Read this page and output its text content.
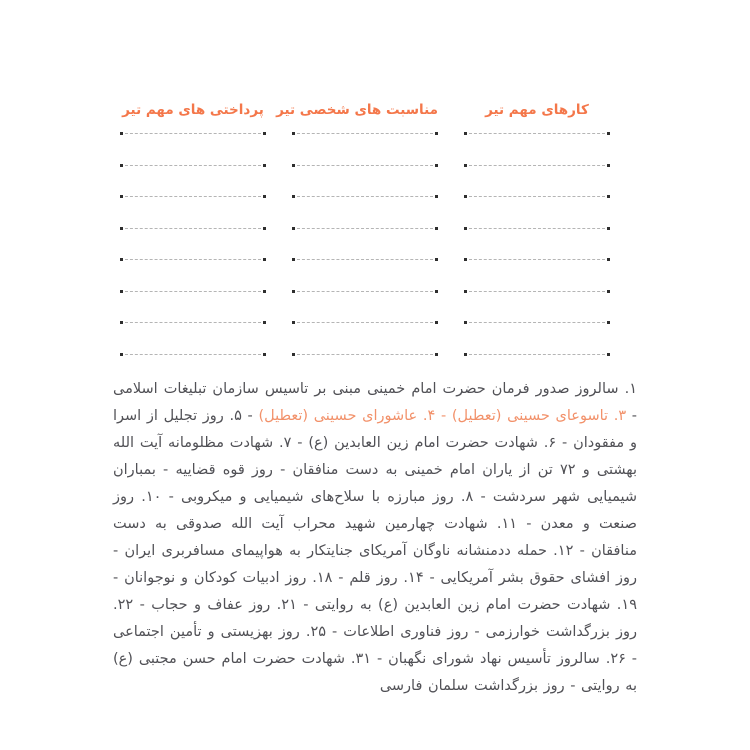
کارهای مهم تیر
مناسبت های شخصی تیر
پرداختی های مهم تیر

۱. سالروز صدور فرمان حضرت امام خمینی مبنی بر تاسیس سازمان تبلیغات اسلامی - ۳. تاسوعای حسینی (تعطیل) - ۴. عاشورای حسینی (تعطیل) - ۵. روز تجلیل از اسرا و مفقودان - ۶. شهادت حضرت امام زین العابدین (ع) - ۷. شهادت مظلومانه آیت الله بهشتی و ۷۲ تن از یاران امام خمینی به دست منافقان - روز قوه قضاییه - بمباران شیمیایی شهر سردشت - ۸. روز مبارزه با سلاح‌های شیمیایی و میکروبی - ۱۰. روز صنعت و معدن - ۱۱. شهادت چهارمین شهید محراب آیت الله صدوقی به دست منافقان - ۱۲. حمله ددمنشانه ناوگان آمریکای جنایتکار به هواپیمای مسافربری ایران - روز افشای حقوق بشر آمریکایی - ۱۴. روز قلم - ۱۸. روز ادبیات کودکان و نوجوانان - ۱۹. شهادت حضرت امام زین العابدین (ع) به روایتی - ۲۱. روز عفاف و حجاب - ۲۲. روز بزرگداشت خوارزمی - روز فناوری اطلاعات - ۲۵. روز بهزیستی و تأمین اجتماعی - ۲۶. سالروز تأسیس نهاد شورای نگهبان - ۳۱. شهادت حضرت امام حسن مجتبی (ع) به روایتی - روز بزرگداشت سلمان فارسی
